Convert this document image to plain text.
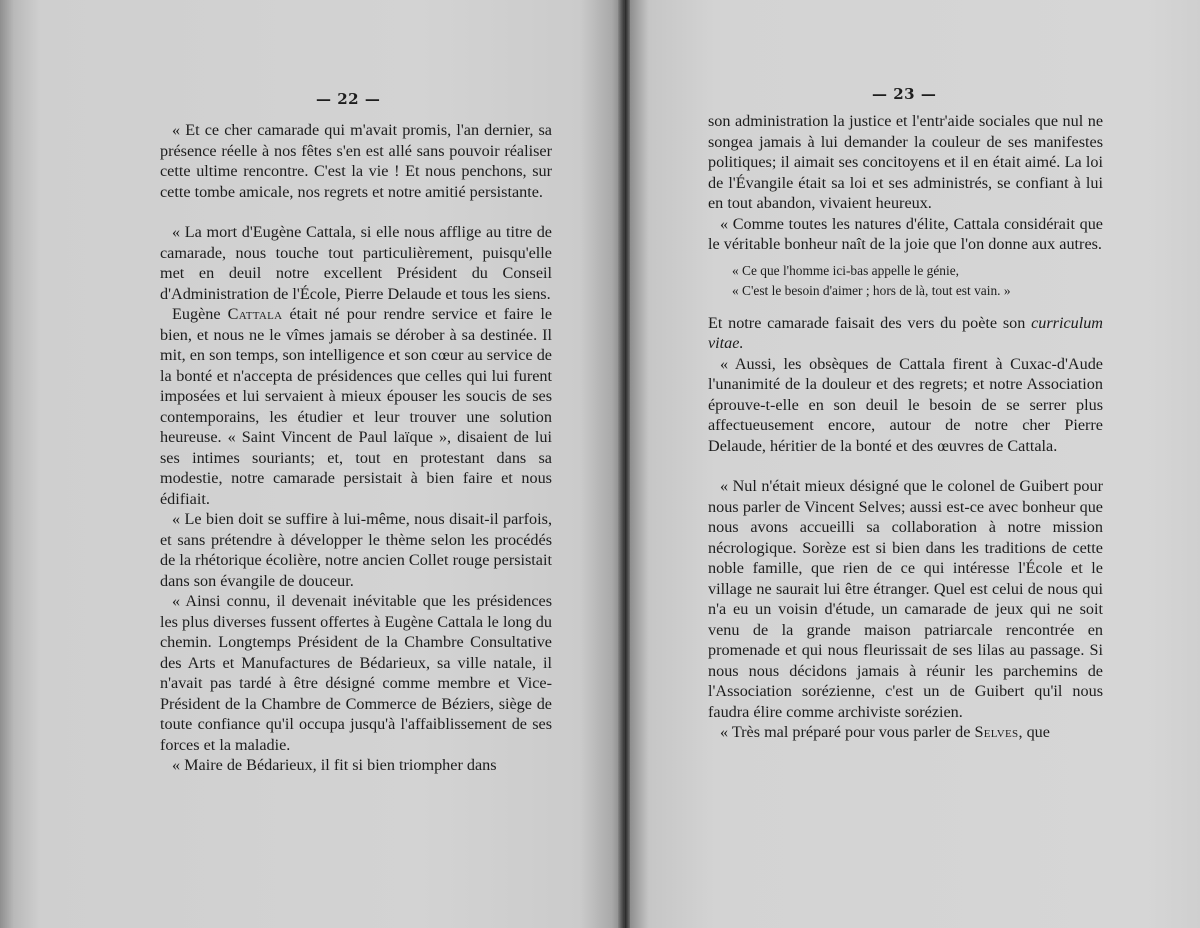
— 22 —

« Et ce cher camarade qui m'avait promis, l'an dernier, sa présence réelle à nos fêtes s'en est allé sans pouvoir réaliser cette ultime rencontre. C'est la vie ! Et nous penchons, sur cette tombe amicale, nos regrets et notre amitié persistante.

« La mort d'Eugène Cattala, si elle nous afflige au titre de camarade, nous touche tout particulièrement, puisqu'elle met en deuil notre excellent Président du Conseil d'Administration de l'École, Pierre Delaude et tous les siens.

Eugène Cattala était né pour rendre service et faire le bien, et nous ne le vîmes jamais se dérober à sa destinée. Il mit, en son temps, son intelligence et son cœur au service de la bonté et n'accepta de présidences que celles qui lui furent imposées et lui servaient à mieux épouser les soucis de ses contemporains, les étudier et leur trouver une solution heureuse. « Saint Vincent de Paul laïque », disaient de lui ses intimes souriants; et, tout en protestant dans sa modestie, notre camarade persistait à bien faire et nous édifiait.

« Le bien doit se suffire à lui-même, nous disait-il parfois, et sans prétendre à développer le thème selon les procédés de la rhétorique écolière, notre ancien Collet rouge persistait dans son évangile de douceur.

« Ainsi connu, il devenait inévitable que les présidences les plus diverses fussent offertes à Eugène Cattala le long du chemin. Longtemps Président de la Chambre Consultative des Arts et Manufactures de Bédarieux, sa ville natale, il n'avait pas tardé à être désigné comme membre et Vice-Président de la Chambre de Commerce de Béziers, siège de toute confiance qu'il occupa jusqu'à l'affaiblissement de ses forces et la maladie.

« Maire de Bédarieux, il fit si bien triompher dans

— 23 —

son administration la justice et l'entr'aide sociales que nul ne songea jamais à lui demander la couleur de ses manifestes politiques; il aimait ses concitoyens et il en était aimé. La loi de l'Évangile était sa loi et ses administrés, se confiant à lui en tout abandon, vivaient heureux.

« Comme toutes les natures d'élite, Cattala considérait que le véritable bonheur naît de la joie que l'on donne aux autres.

« Ce que l'homme ici-bas appelle le génie,
« C'est le besoin d'aimer ; hors de là, tout est vain. »

Et notre camarade faisait des vers du poète son curriculum vitae.

« Aussi, les obsèques de Cattala firent à Cuxac-d'Aude l'unanimité de la douleur et des regrets; et notre Association éprouve-t-elle en son deuil le besoin de se serrer plus affectueusement encore, autour de notre cher Pierre Delaude, héritier de la bonté et des œuvres de Cattala.

« Nul n'était mieux désigné que le colonel de Guibert pour nous parler de Vincent Selves; aussi est-ce avec bonheur que nous avons accueilli sa collaboration à notre mission nécrologique. Sorèze est si bien dans les traditions de cette noble famille, que rien de ce qui intéresse l'École et le village ne saurait lui être étranger. Quel est celui de nous qui n'a eu un voisin d'étude, un camarade de jeux qui ne soit venu de la grande maison patriarcale rencontrée en promenade et qui nous fleurissait de ses lilas au passage. Si nous nous décidons jamais à réunir les parchemins de l'Association sorézienne, c'est un de Guibert qu'il nous faudra élire comme archiviste sorézien.

« Très mal préparé pour vous parler de Selves, que
